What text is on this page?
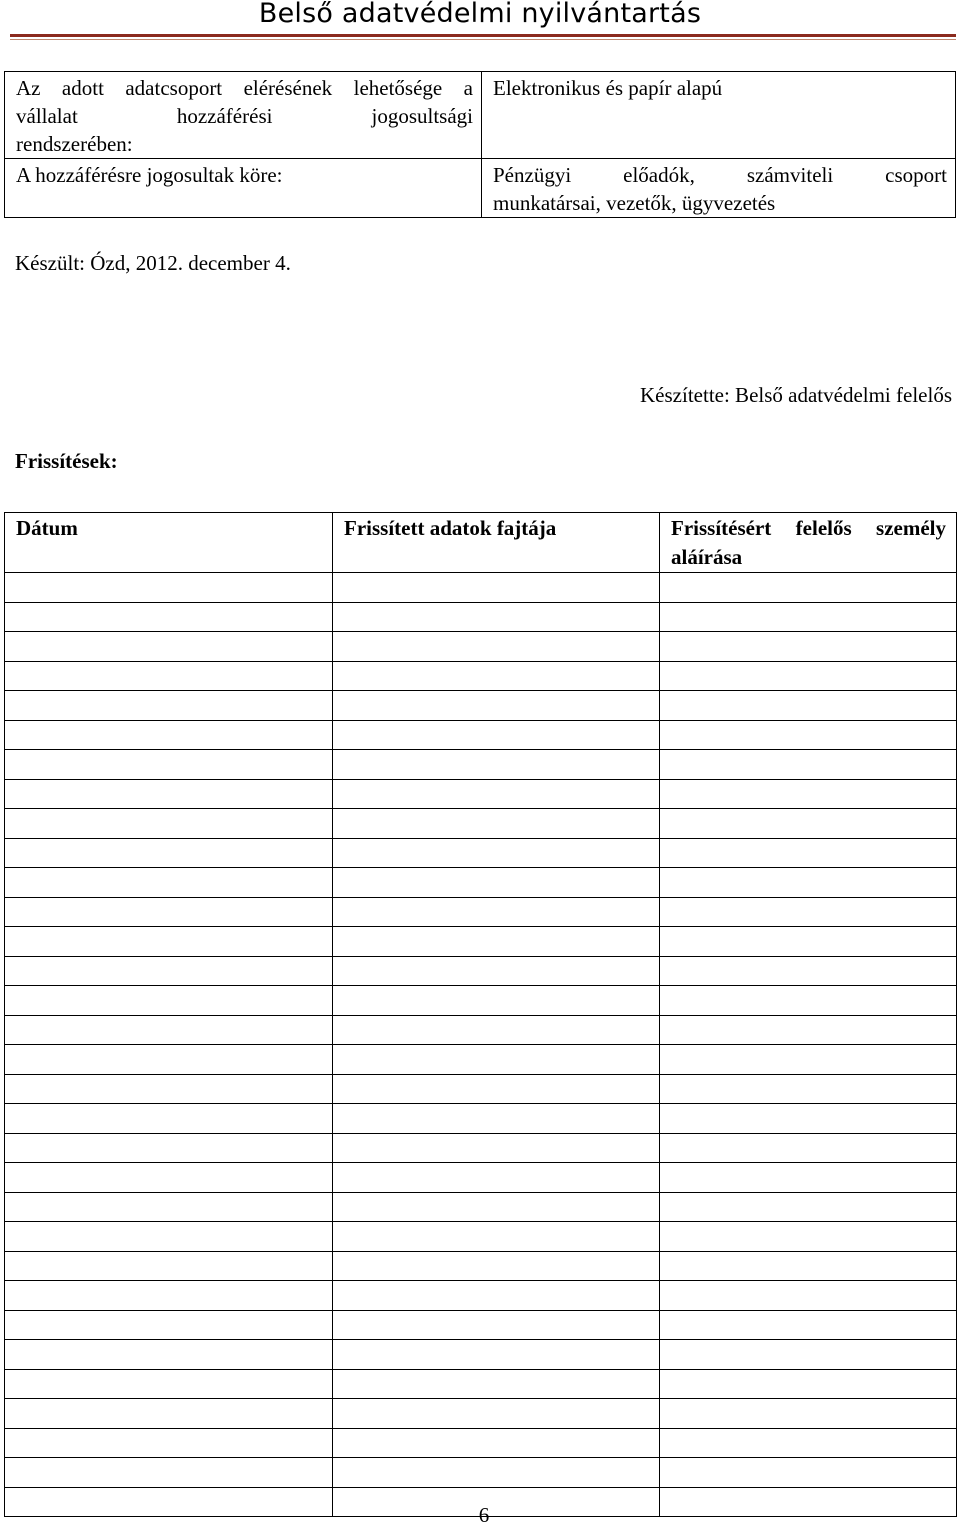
Belső adatvédelmi nyilvántartás
Az adott adatcsoport elérésének lehetősége a
vállalat hozzáférési jogosultsági
rendszerében:	Elektronikus és papír alapú

A hozzáférésre jogosultak köre:	Pénzügyi előadók, számviteli csoport
munkatársai, vezetők, ügyvezetés
Készült: Ózd, 2012. december 4.
Készítette: Belső adatvédelmi felelős
Frissítések:
Dátum	Frissített adatok fajtája	Frissítésért felelős személy
aláírása

6
